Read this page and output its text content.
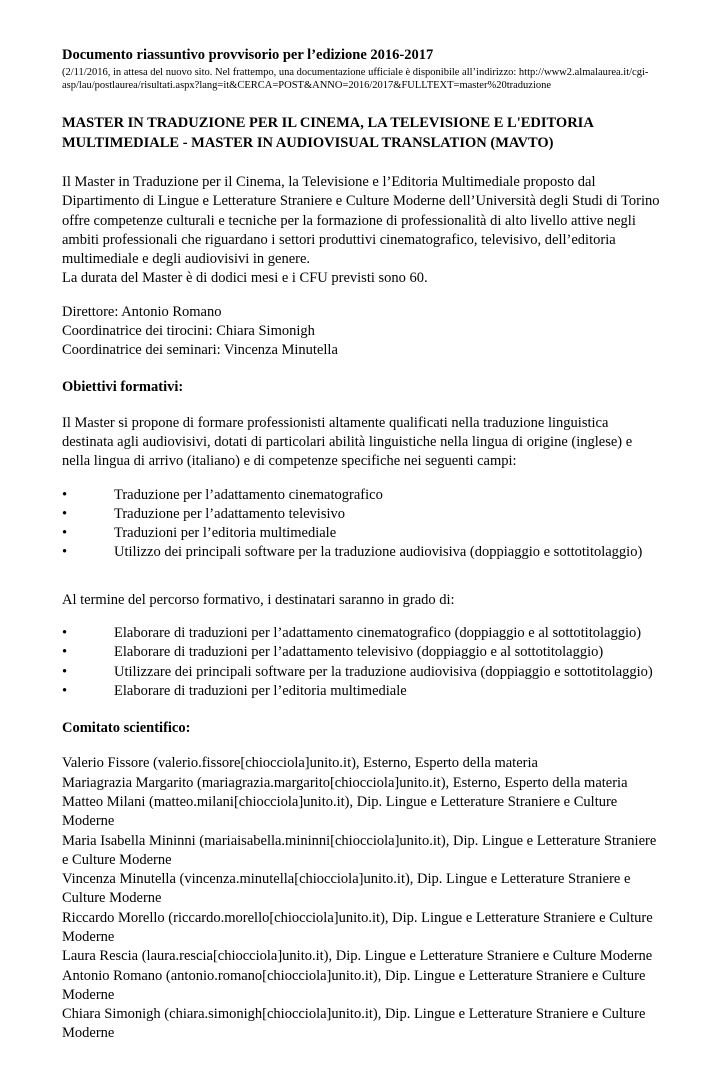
Documento riassuntivo provvisorio per l’edizione 2016-2017

(2/11/2016, in attesa del nuovo sito. Nel frattempo, una documentazione ufficiale è disponibile all’indirizzo: http://www2.almalaurea.it/cgi-asp/lau/postlaurea/risultati.aspx?lang=it&CERCA=POST&ANNO=2016/2017&FULLTEXT=master%20traduzione

MASTER IN TRADUZIONE PER IL CINEMA, LA TELEVISIONE E L'EDITORIA MULTIMEDIALE - MASTER IN AUDIOVISUAL TRANSLATION (MAVTO)

Il Master in Traduzione per il Cinema, la Televisione e l’Editoria Multimediale proposto dal Dipartimento di Lingue e Letterature Straniere e Culture Moderne dell’Università degli Studi di Torino offre competenze culturali e tecniche per la formazione di professionalità di alto livello attive negli ambiti professionali che riguardano i settori produttivi cinematografico, televisivo, dell’editoria multimediale e degli audiovisivi in genere.

La durata del Master è di dodici mesi e i CFU previsti sono 60.

Direttore: Antonio Romano
Coordinatrice dei tirocini: Chiara Simonigh
Coordinatrice dei seminari: Vincenza Minutella
Obiettivi formativi:

Il Master si propone di formare professionisti altamente qualificati nella traduzione linguistica destinata agli audiovisivi, dotati di particolari abilità linguistiche nella lingua di origine (inglese) e nella lingua di arrivo (italiano) e di competenze specifiche nei seguenti campi:

•	Traduzione per l’adattamento cinematografico
•	Traduzione per l’adattamento televisivo
•	Traduzioni per l’editoria multimediale
•	Utilizzo dei principali software per la traduzione audiovisiva (doppiaggio e sottotitolaggio)

Al termine del percorso formativo, i destinatari saranno in grado di:

•	Elaborare di traduzioni per l’adattamento cinematografico (doppiaggio e al sottotitolaggio)
•	Elaborare di traduzioni per l’adattamento televisivo (doppiaggio e al sottotitolaggio)
•	Utilizzare dei principali software per la traduzione audiovisiva (doppiaggio e sottotitolaggio)
•	Elaborare di traduzioni per l’editoria multimediale
Comitato scientifico:
Valerio Fissore (valerio.fissore[chiocciola]unito.it), Esterno, Esperto della materia
Mariagrazia Margarito (mariagrazia.margarito[chiocciola]unito.it), Esterno, Esperto della materia
Matteo Milani (matteo.milani[chiocciola]unito.it), Dip. Lingue e Letterature Straniere e Culture Moderne
Maria Isabella Mininni (mariaisabella.mininni[chiocciola]unito.it), Dip. Lingue e Letterature Straniere e Culture Moderne
Vincenza Minutella (vincenza.minutella[chiocciola]unito.it), Dip. Lingue e Letterature Straniere e Culture Moderne
Riccardo Morello (riccardo.morello[chiocciola]unito.it), Dip. Lingue e Letterature Straniere e Culture Moderne
Laura Rescia (laura.rescia[chiocciola]unito.it), Dip. Lingue e Letterature Straniere e Culture Moderne
Antonio Romano (antonio.romano[chiocciola]unito.it), Dip. Lingue e Letterature Straniere e Culture Moderne
Chiara Simonigh (chiara.simonigh[chiocciola]unito.it), Dip. Lingue e Letterature Straniere e Culture Moderne
